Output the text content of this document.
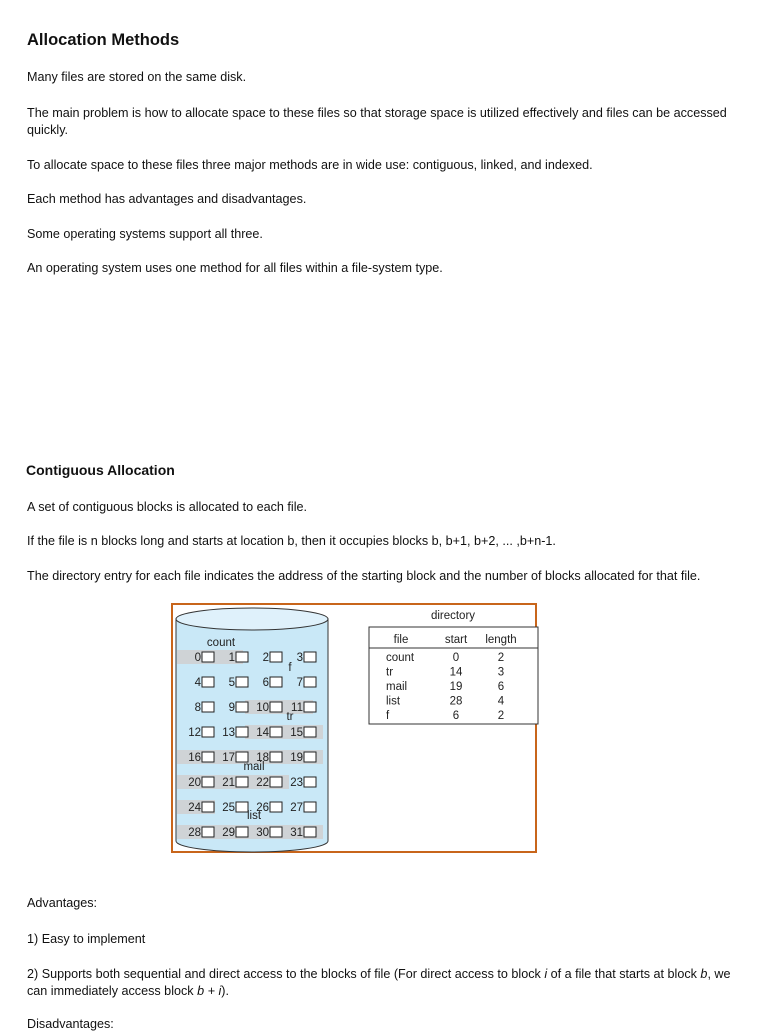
Allocation Methods

Many files are stored on the same disk.

The main problem is how to allocate space to these files so that storage space is utilized effectively and files can be accessed quickly.

To allocate space to these files three major methods are in wide use: contiguous, linked, and indexed.

Each method has advantages and disadvantages.

Some operating systems support all three.

An operating system uses one method for all files within a file-system type.

Contiguous Allocation

A set of contiguous blocks is allocated to each file.

If the file is n blocks long and starts at location b, then it occupies blocks b, b+1, b+2, ... ,b+n-1.

The directory entry for each file indicates the address of the starting block and the number of blocks allocated for that file.

0 1 2 3
4 5 6 7
8 9 10 11
12 13 14 15
16 17 18 19
20 21 22 23
24 25 26 27
28 29 30 31
count
f
tr
mail
list
directory
file	start length
count	0	2
tr	14	3
mail	19	6
list	28	4
f	6	2

Advantages:

1) Easy to implement

2) Supports both sequential and direct access to the blocks of file (For direct access to block i of a file that starts at block b, we can immediately access block b + i).

Disadvantages:
